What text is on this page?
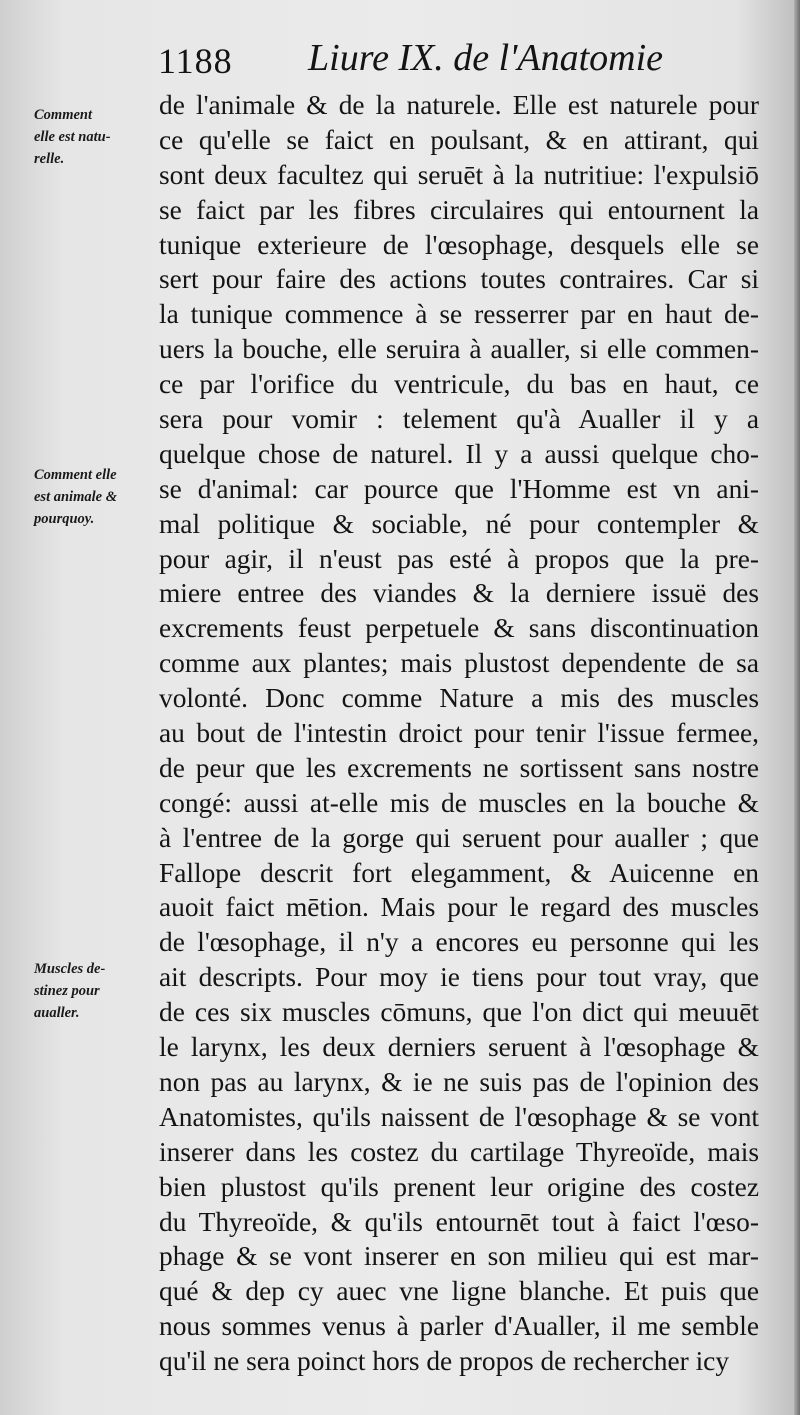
1188 Liure IX. de l'Anatomie
Comment
elle est natu-
relle.
Comment elle
est animale &
pourquoy.
Muscles de-
stinez pour
aualler.
de l'animale & de la naturele. Elle est naturele pour
ce qu'elle se faict en poulsant, & en attirant, qui
sont deux facultez qui seruēt à la nutritiue: l'expulsiō
se faict par les fibres circulaires qui entournent la
tunique exterieure de l'œsophage, desquels elle se
sert pour faire des actions toutes contraires. Car si
la tunique commence à se resserrer par en haut de-
uers la bouche, elle seruira à aualler, si elle commen-
ce par l'orifice du ventricule, du bas en haut, ce
sera pour vomir : telement qu'à Aualler il y a
quelque chose de naturel. Il y a aussi quelque cho-
se d'animal: car pource que l'Homme est vn ani-
mal politique & sociable, né pour contempler &
pour agir, il n'eust pas esté à propos que la pre-
miere entree des viandes & la derniere issuë des
excrements feust perpetuele & sans discontinuation
comme aux plantes; mais plustost dependente de sa
volonté. Donc comme Nature a mis des muscles
au bout de l'intestin droict pour tenir l'issue fermee,
de peur que les excrements ne sortissent sans nostre
congé: aussi at-elle mis de muscles en la bouche &
à l'entree de la gorge qui seruent pour aualler ; que
Fallope descrit fort elegamment, & Auicenne en
auoit faict mētion. Mais pour le regard des muscles
de l'œsophage, il n'y a encores eu personne qui les
ait descripts. Pour moy ie tiens pour tout vray, que
de ces six muscles cōmuns, que l'on dict qui meuuēt
le larynx, les deux derniers seruent à l'œsophage &
non pas au larynx, & ie ne suis pas de l'opinion des
Anatomistes, qu'ils naissent de l'œsophage & se vont
inserer dans les costez du cartilage Thyreoïde, mais
bien plustost qu'ils prenent leur origine des costez
du Thyreoïde, & qu'ils entournēt tout à faict l'œso-
phage & se vont inserer en son milieu qui est mar-
qué & dep cy auec vne ligne blanche. Et puis que
nous sommes venus à parler d'Aualler, il me semble
qu'il ne sera poinct hors de propos de rechercher icy
